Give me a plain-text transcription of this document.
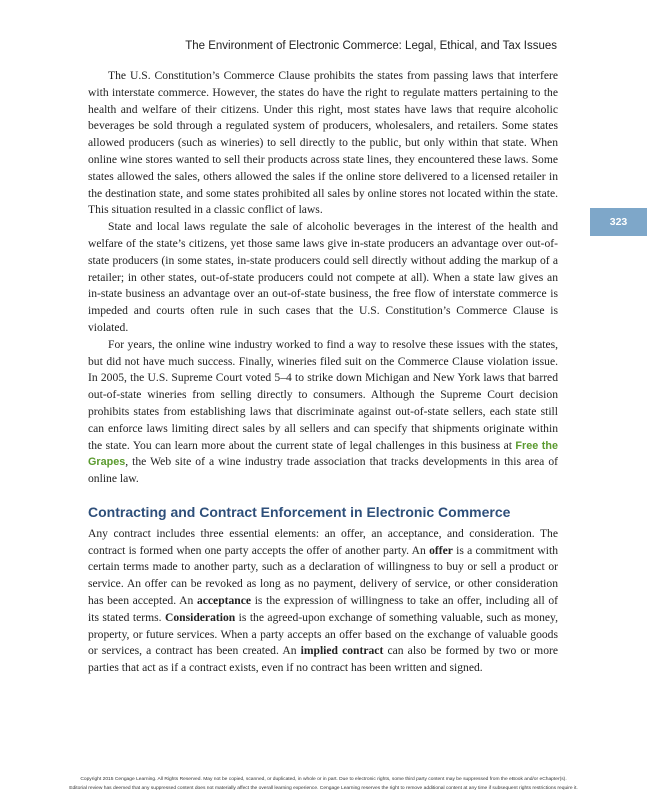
The Environment of Electronic Commerce: Legal, Ethical, and Tax Issues
323

The U.S. Constitution’s Commerce Clause prohibits the states from passing laws that interfere with interstate commerce. However, the states do have the right to regulate matters pertaining to the health and welfare of their citizens. Under this right, most states have laws that require alcoholic beverages be sold through a regulated system of producers, wholesalers, and retailers. Some states allowed producers (such as wineries) to sell directly to the public, but only within that state. When online wine stores wanted to sell their products across state lines, they encountered these laws. Some states allowed the sales, others allowed the sales if the online store delivered to a licensed retailer in the destination state, and some states prohibited all sales by online stores not located within the state. This situation resulted in a classic conflict of laws.

State and local laws regulate the sale of alcoholic beverages in the interest of the health and welfare of the state’s citizens, yet those same laws give in-state producers an advantage over out-of-state producers (in some states, in-state producers could sell directly without adding the markup of a retailer; in other states, out-of-state producers could not compete at all). When a state law gives an in-state business an advantage over an out-of-state business, the free flow of interstate commerce is impeded and courts often rule in such cases that the U.S. Constitution’s Commerce Clause is violated.

For years, the online wine industry worked to find a way to resolve these issues with the states, but did not have much success. Finally, wineries filed suit on the Commerce Clause violation issue. In 2005, the U.S. Supreme Court voted 5–4 to strike down Michigan and New York laws that barred out-of-state wineries from selling directly to consumers. Although the Supreme Court decision prohibits states from establishing laws that discriminate against out-of-state sellers, each state still can enforce laws limiting direct sales by all sellers and can specify that shipments originate within the state. You can learn more about the current state of legal challenges in this business at Free the Grapes, the Web site of a wine industry trade association that tracks developments in this area of online law.

Contracting and Contract Enforcement in Electronic Commerce

Any contract includes three essential elements: an offer, an acceptance, and consideration. The contract is formed when one party accepts the offer of another party. An offer is a commitment with certain terms made to another party, such as a declaration of willingness to buy or sell a product or service. An offer can be revoked as long as no payment, delivery of service, or other consideration has been accepted. An acceptance is the expression of willingness to take an offer, including all of its stated terms. Consideration is the agreed-upon exchange of something valuable, such as money, property, or future services. When a party accepts an offer based on the exchange of valuable goods or services, a contract has been created. An implied contract can also be formed by two or more parties that act as if a contract exists, even if no contract has been written and signed.

Copyright 2015 Cengage Learning. All Rights Reserved. May not be copied, scanned, or duplicated, in whole or in part. Due to electronic rights, some third party content may be suppressed from the eBook and/or eChapter(s).
Editorial review has deemed that any suppressed content does not materially affect the overall learning experience. Cengage Learning reserves the right to remove additional content at any time if subsequent rights restrictions require it.
